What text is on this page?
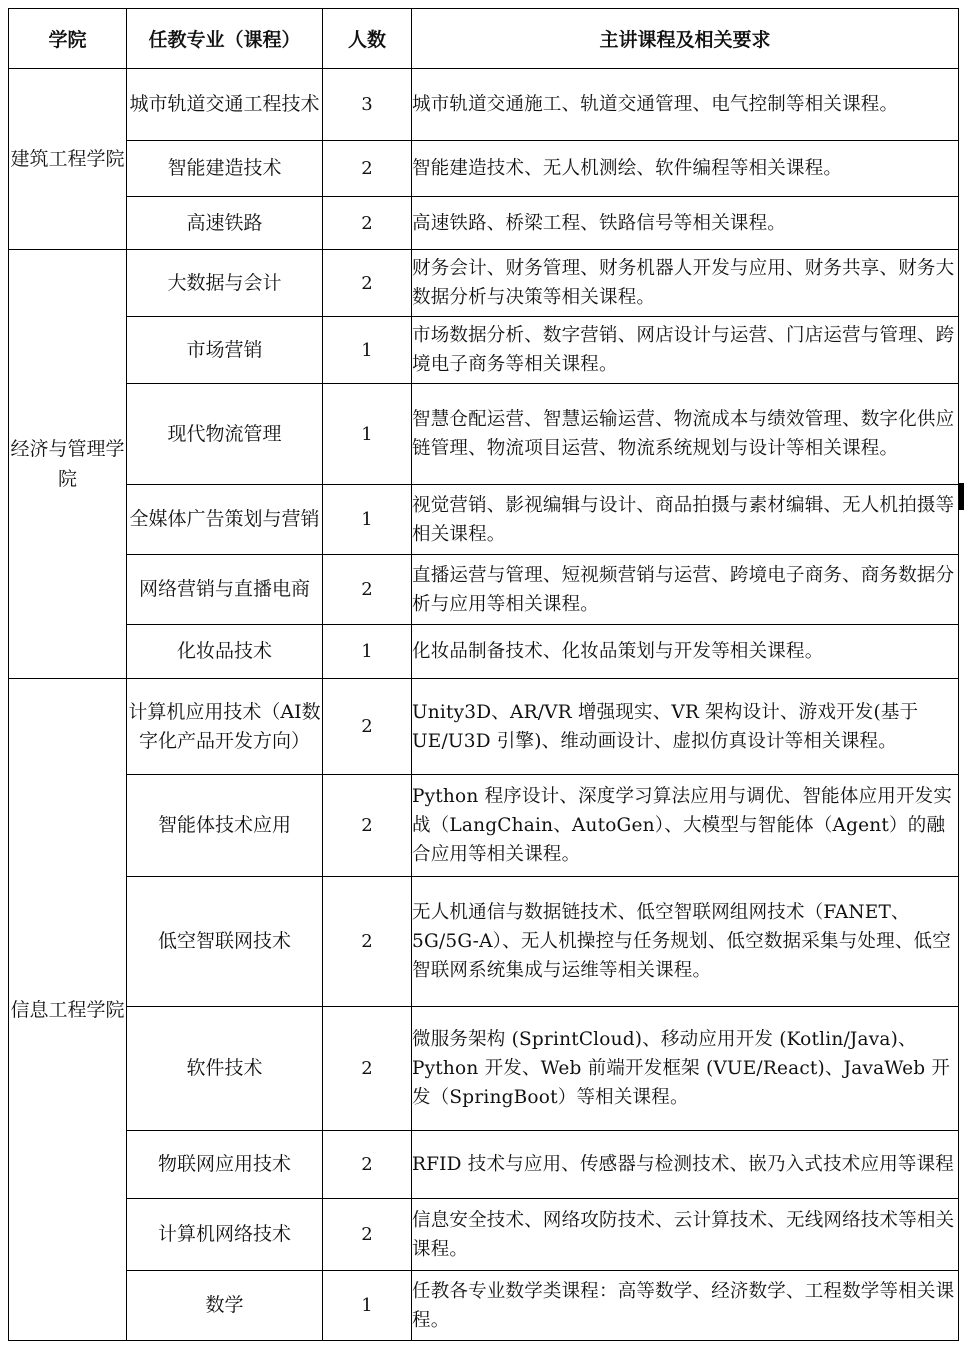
学院	任教专业（课程）	人数	主讲课程及相关要求
建筑工程学院	城市轨道交通工程技术	3	城市轨道交通施工、轨道交通管理、电气控制等相关课程。
	智能建造技术	2	智能建造技术、无人机测绘、软件编程等相关课程。
	高速铁路	2	高速铁路、桥梁工程、铁路信号等相关课程。
经济与管理学院	大数据与会计	2	财务会计、财务管理、财务机器人开发与应用、财务共享、财务大数据分析与决策等相关课程。
	市场营销	1	市场数据分析、数字营销、网店设计与运营、门店运营与管理、跨境电子商务等相关课程。
	现代物流管理	1	智慧仓配运营、智慧运输运营、物流成本与绩效管理、数字化供应链管理、物流项目运营、物流系统规划与设计等相关课程。
	全媒体广告策划与营销	1	视觉营销、影视编辑与设计、商品拍摄与素材编辑、无人机拍摄等相关课程。
	网络营销与直播电商	2	直播运营与管理、短视频营销与运营、跨境电子商务、商务数据分析与应用等相关课程。
	化妆品技术	1	化妆品制备技术、化妆品策划与开发等相关课程。
信息工程学院	计算机应用技术（AI数字化产品开发方向）	2	Unity3D、AR/VR 增强现实、VR 架构设计、游戏开发(基于 UE/U3D 引擎)、维动画设计、虚拟仿真设计等相关课程。
	智能体技术应用	2	Python 程序设计、深度学习算法应用与调优、智能体应用开发实战（LangChain、AutoGen）、大模型与智能体（Agent）的融合应用等相关课程。
	低空智联网技术	2	无人机通信与数据链技术、低空智联网组网技术（FANET、5G/5G-A）、无人机操控与任务规划、低空数据采集与处理、低空智联网系统集成与运维等相关课程。
	软件技术	2	微服务架构 (SprintCloud)、移动应用开发 (Kotlin/Java)、Python 开发、Web 前端开发框架 (VUE/React)、JavaWeb 开发（SpringBoot）等相关课程。
	物联网应用技术	2	RFID 技术与应用、传感器与检测技术、嵌乃入式技术应用等课程
	计算机网络技术	2	信息安全技术、网络攻防技术、云计算技术、无线网络技术等相关课程。
	数学	1	任教各专业数学类课程：高等数学、经济数学、工程数学等相关课程。
